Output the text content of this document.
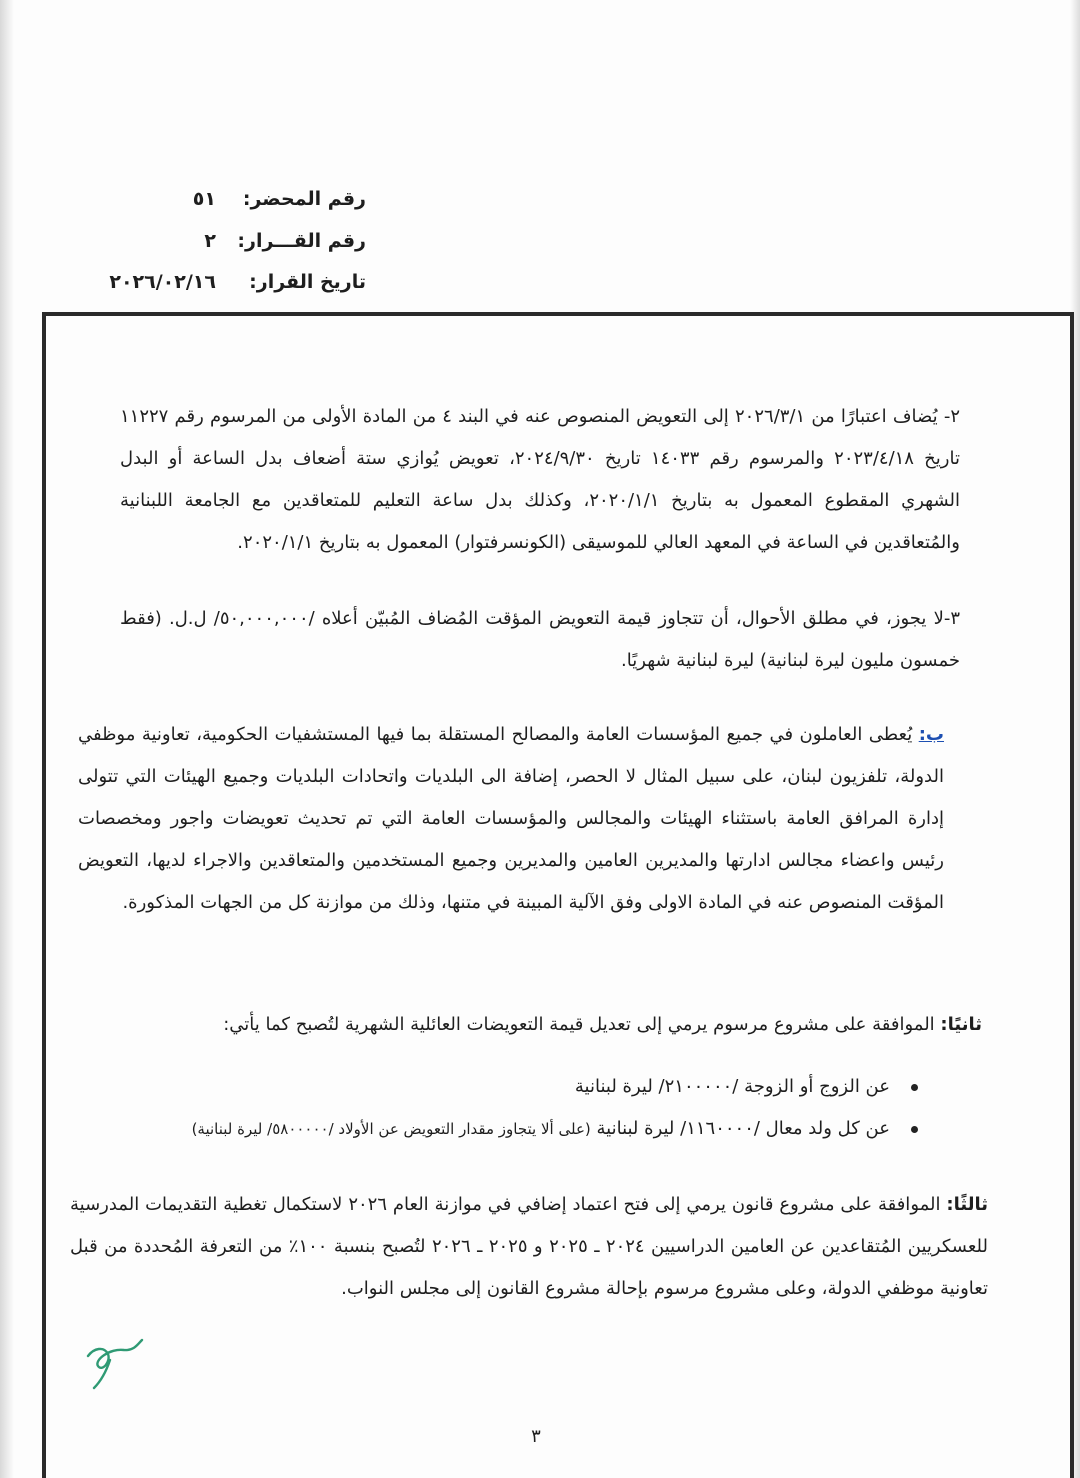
رقم المحضر:
٥١
رقم القـــرار:
٢
تاريخ القرار:
٢٠٢٦/٠٢/١٦

٢- يُضاف اعتبارًا من ٢٠٢٦/٣/١ إلى التعويض المنصوص عنه في البند ٤ من المادة الأولى من المرسوم رقم ١١٢٢٧ تاريخ ٢٠٢٣/٤/١٨ والمرسوم رقم ١٤٠٣٣ تاريخ ٢٠٢٤/٩/٣٠، تعويض يُوازي ستة أضعاف بدل الساعة أو البدل الشهري المقطوع المعمول به بتاريخ ٢٠٢٠/١/١، وكذلك بدل ساعة التعليم للمتعاقدين مع الجامعة اللبنانية والمُتعاقدين في الساعة في المعهد العالي للموسيقى (الكونسرفتوار) المعمول به بتاريخ ٢٠٢٠/١/١.

٣-لا يجوز، في مطلق الأحوال، أن تتجاوز قيمة التعويض المؤقت المُضاف المُبيّن أعلاه /٥٠,٠٠٠,٠٠٠/ ل.ل. (فقط خمسون مليون ليرة لبنانية) ليرة لبنانية شهريًا.

ب: يُعطى العاملون في جميع المؤسسات العامة والمصالح المستقلة بما فيها المستشفيات الحكومية، تعاونية موظفي الدولة، تلفزيون لبنان، على سبيل المثال لا الحصر، إضافة الى البلديات واتحادات البلديات وجميع الهيئات التي تتولى إدارة المرافق العامة باستثناء الهيئات والمجالس والمؤسسات العامة التي تم تحديث تعويضات واجور ومخصصات رئيس واعضاء مجالس ادارتها والمديرين العامين والمديرين وجميع المستخدمين والمتعاقدين والاجراء لديها، التعويض المؤقت المنصوص عنه في المادة الاولى وفق الآلية المبينة في متنها، وذلك من موازنة كل من الجهات المذكورة.

ثانيًا: الموافقة على مشروع مرسوم يرمي إلى تعديل قيمة التعويضات العائلية الشهرية لتُصبح كما يأتي:

عن الزوج أو الزوجة /٢١٠٠٠٠٠/ ليرة لبنانية
عن كل ولد معال /١١٦٠٠٠٠/ ليرة لبنانية (على ألا يتجاوز مقدار التعويض عن الأولاد /٥٨٠٠٠٠٠/ ليرة لبنانية)

ثالثًا: الموافقة على مشروع قانون يرمي إلى فتح اعتماد إضافي في موازنة العام ٢٠٢٦ لاستكمال تغطية التقديمات المدرسية للعسكريين المُتقاعدين عن العامين الدراسيين ٢٠٢٤ ـ ٢٠٢٥ و ٢٠٢٥ ـ ٢٠٢٦ لتُصبح بنسبة ١٠٠٪ من التعرفة المُحددة من قبل تعاونية موظفي الدولة، وعلى مشروع مرسوم بإحالة مشروع القانون إلى مجلس النواب.

٣
